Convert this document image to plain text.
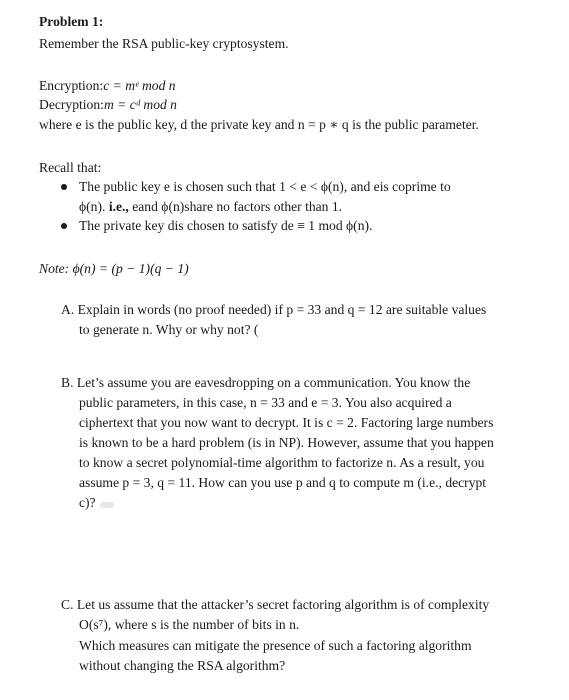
Problem 1:
Remember the RSA public-key cryptosystem.
Encryption:c = mᵉ mod n
Decryption:m = cᵈ mod n
where e is the public key, d the private key and n = p ∗ q is the public parameter.
Recall that:
The public key e is chosen such that 1 < e < ϕ(n), and eis coprime to
ϕ(n). i.e., eand ϕ(n)share no factors other than 1.
The private key dis chosen to satisfy de ≡ 1 mod ϕ(n).
Note: ϕ(n) = (p − 1)(q − 1)
A. Explain in words (no proof needed) if p = 33 and q = 12 are suitable values
to generate n. Why or why not? (
B. Let’s assume you are eavesdropping on a communication. You know the
public parameters, in this case, n = 33 and e = 3. You also acquired a
ciphertext that you now want to decrypt. It is c = 2. Factoring large numbers
is known to be a hard problem (is in NP). However, assume that you happen
to know a secret polynomial-time algorithm to factorize n. As a result, you
assume p = 3, q = 11. How can you use p and q to compute m (i.e., decrypt
c)?
C. Let us assume that the attacker’s secret factoring algorithm is of complexity
O(s⁷), where s is the number of bits in n.
Which measures can mitigate the presence of such a factoring algorithm
without changing the RSA algorithm?
